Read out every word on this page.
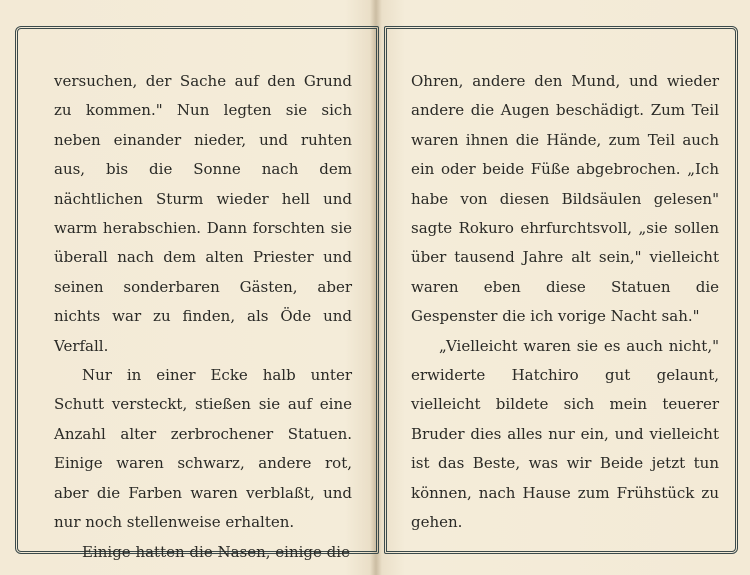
versuchen, der Sache auf den Grund zu kommen." Nun legten sie sich neben einander nieder, und ruhten aus, bis die Sonne nach dem nächtlichen Sturm wieder hell und warm herabschien. Dann forschten sie überall nach dem alten Priester und seinen sonderbaren Gästen, aber nichts war zu finden, als Öde und Verfall.

Nur in einer Ecke halb unter Schutt versteckt, stießen sie auf eine Anzahl alter zerbrochener Statuen. Einige waren schwarz, andere rot, aber die Farben waren verblaßt, und nur noch stellenweise erhalten.

Einige hatten die Nasen, einige die

Ohren, andere den Mund, und wieder andere die Augen beschädigt. Zum Teil waren ihnen die Hände, zum Teil auch ein oder beide Füße abgebrochen. „Ich habe von diesen Bildsäulen gelesen" sagte Rokuro ehrfurchtsvoll, „sie sollen über tausend Jahre alt sein," vielleicht waren eben diese Statuen die Gespenster die ich vorige Nacht sah."

„Vielleicht waren sie es auch nicht," erwiderte Hatchiro gut gelaunt, vielleicht bildete sich mein teuerer Bruder dies alles nur ein, und vielleicht ist das Beste, was wir Beide jetzt tun können, nach Hause zum Frühstück zu gehen.
